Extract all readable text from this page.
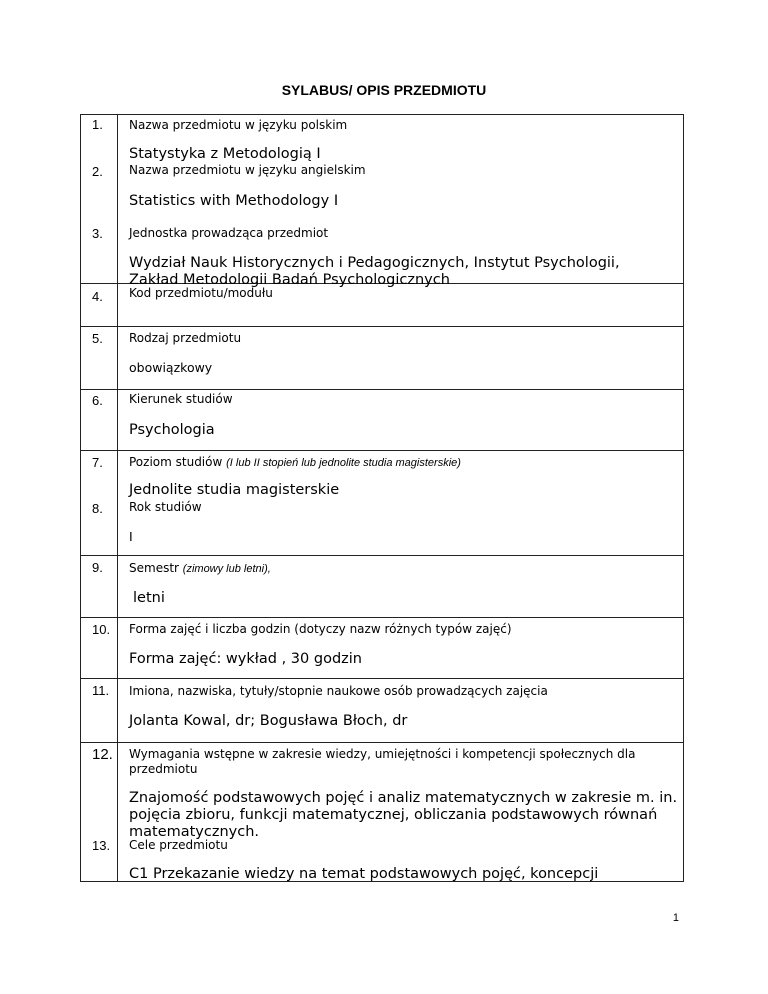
SYLABUS/ OPIS PRZEDMIOTU
1. Nazwa przedmiotu w języku polskim
Statystyka z Metodologią I
2. Nazwa przedmiotu w języku angielskim
Statistics with Methodology I
3. Jednostka prowadząca przedmiot
Wydział Nauk Historycznych i Pedagogicznych, Instytut Psychologii, Zakład Metodologii Badań Psychologicznych
4. Kod przedmiotu/modułu
5. Rodzaj przedmiotu
obowiązkowy
6. Kierunek studiów
Psychologia
7. Poziom studiów (I lub II stopień lub jednolite studia magisterskie)
Jednolite studia magisterskie
8. Rok studiów
I
9. Semestr (zimowy lub letni),
letni
10. Forma zajęć i liczba godzin (dotyczy nazw różnych typów zajęć)
Forma zajęć: wykład , 30 godzin
11. Imiona, nazwiska, tytuły/stopnie naukowe osób prowadzących zajęcia
Jolanta Kowal, dr; Bogusława Błoch, dr
12. Wymagania wstępne w zakresie wiedzy, umiejętności i kompetencji społecznych dla przedmiotu
Znajomość podstawowych pojęć i analiz matematycznych w zakresie m. in. pojęcia zbioru, funkcji matematycznej, obliczania podstawowych równań matematycznych.
13. Cele przedmiotu
C1 Przekazanie wiedzy na temat podstawowych pojęć, koncepcji
1
